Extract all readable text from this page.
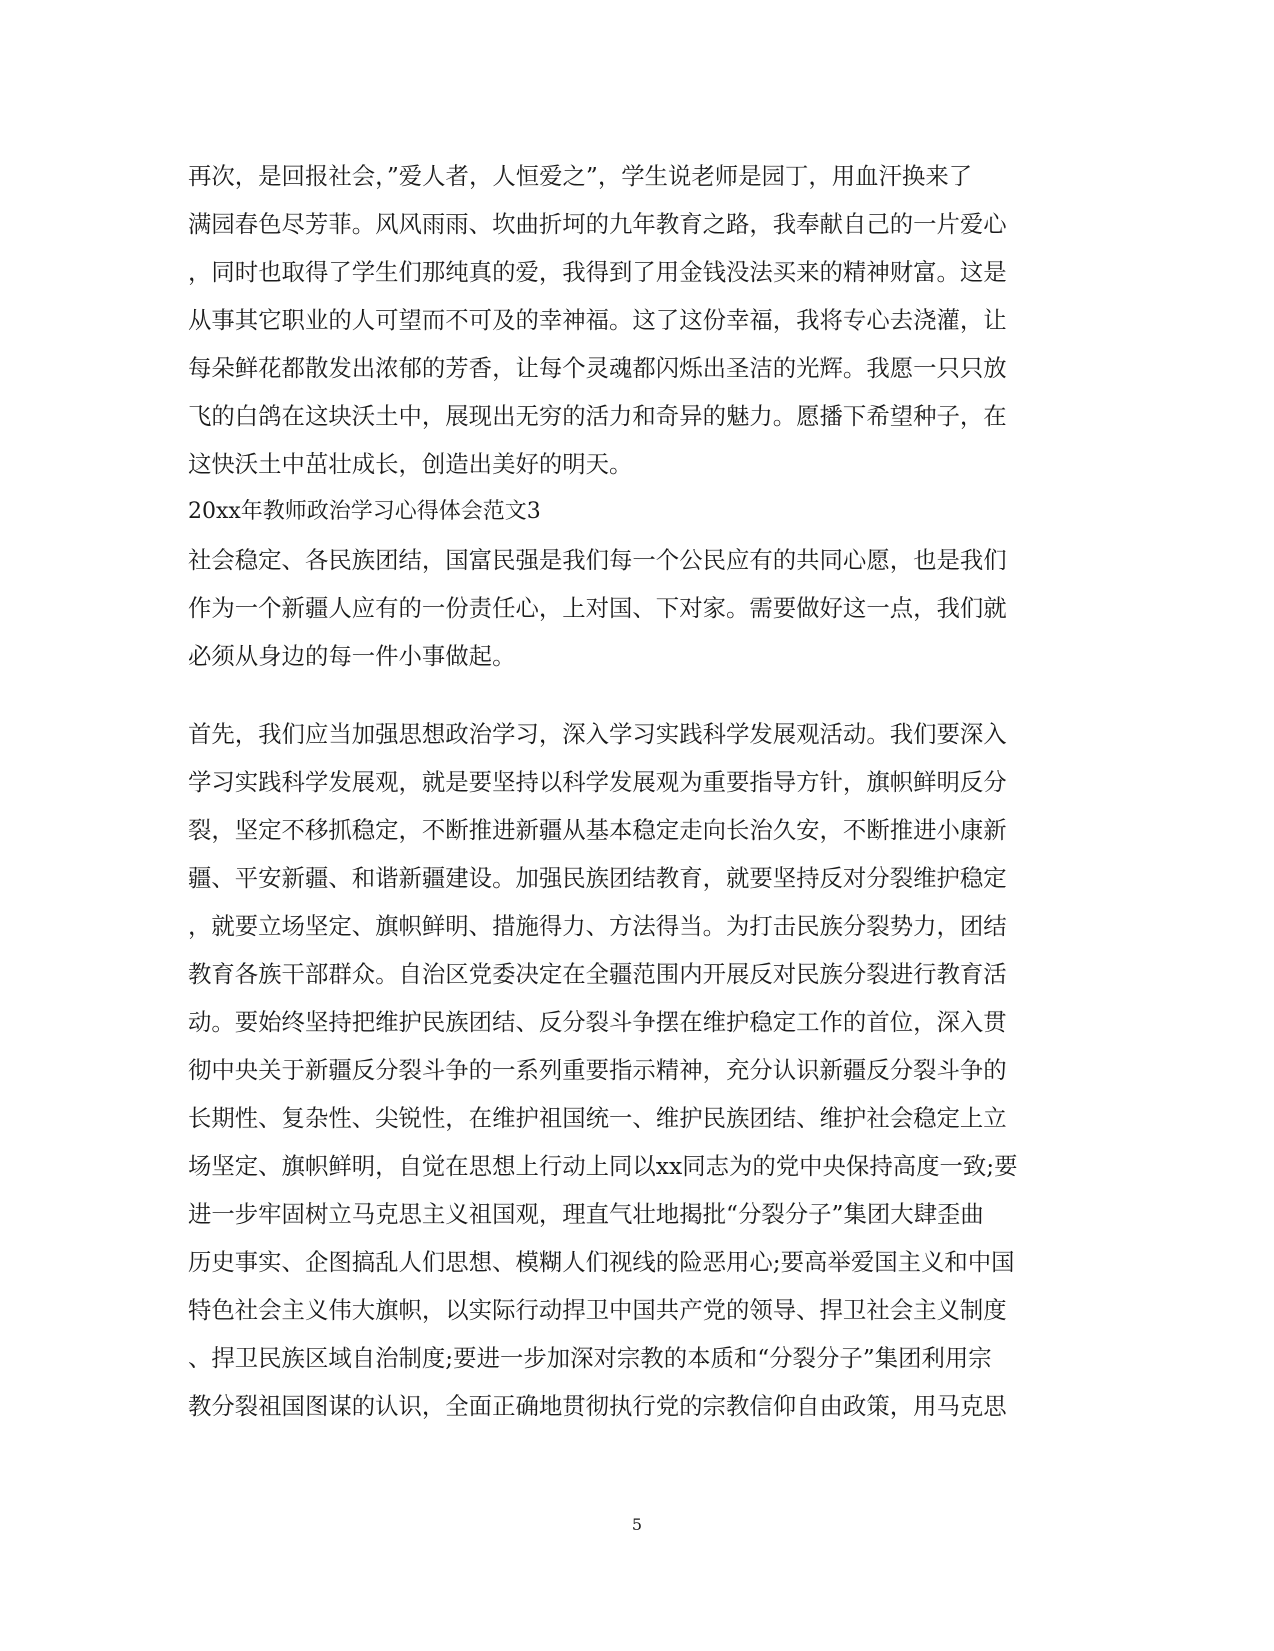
再次，是回报社会，”爱人者，人恒爱之”，学生说老师是园丁，用血汗换来了
满园春色尽芳菲。风风雨雨、坎曲折坷的九年教育之路，我奉献自己的一片爱心
，同时也取得了学生们那纯真的爱，我得到了用金钱没法买来的精神财富。这是
从事其它职业的人可望而不可及的幸神福。这了这份幸福，我将专心去浇灌，让
每朵鲜花都散发出浓郁的芳香，让每个灵魂都闪烁出圣洁的光辉。我愿一只只放
飞的白鸽在这块沃土中，展现出无穷的活力和奇异的魅力。愿播下希望种子，在
这快沃土中茁壮成长，创造出美好的明天。
20xx年教师政治学习心得体会范文3
社会稳定、各民族团结，国富民强是我们每一个公民应有的共同心愿，也是我们
作为一个新疆人应有的一份责任心，上对国、下对家。需要做好这一点，我们就
必须从身边的每一件小事做起。
首先，我们应当加强思想政治学习，深入学习实践科学发展观活动。我们要深入
学习实践科学发展观，就是要坚持以科学发展观为重要指导方针，旗帜鲜明反分
裂，坚定不移抓稳定，不断推进新疆从基本稳定走向长治久安，不断推进小康新
疆、平安新疆、和谐新疆建设。加强民族团结教育，就要坚持反对分裂维护稳定
，就要立场坚定、旗帜鲜明、措施得力、方法得当。为打击民族分裂势力，团结
教育各族干部群众。自治区党委决定在全疆范围内开展反对民族分裂进行教育活
动。要始终坚持把维护民族团结、反分裂斗争摆在维护稳定工作的首位，深入贯
彻中央关于新疆反分裂斗争的一系列重要指示精神，充分认识新疆反分裂斗争的
长期性、复杂性、尖锐性，在维护祖国统一、维护民族团结、维护社会稳定上立
场坚定、旗帜鲜明，自觉在思想上行动上同以xx同志为的党中央保持高度一致;要
进一步牢固树立马克思主义祖国观，理直气壮地揭批“分裂分子”集团大肆歪曲
历史事实、企图搞乱人们思想、模糊人们视线的险恶用心;要高举爱国主义和中国
特色社会主义伟大旗帜，以实际行动捍卫中国共产党的领导、捍卫社会主义制度
、捍卫民族区域自治制度;要进一步加深对宗教的本质和“分裂分子”集团利用宗
教分裂祖国图谋的认识，全面正确地贯彻执行党的宗教信仰自由政策，用马克思
5
